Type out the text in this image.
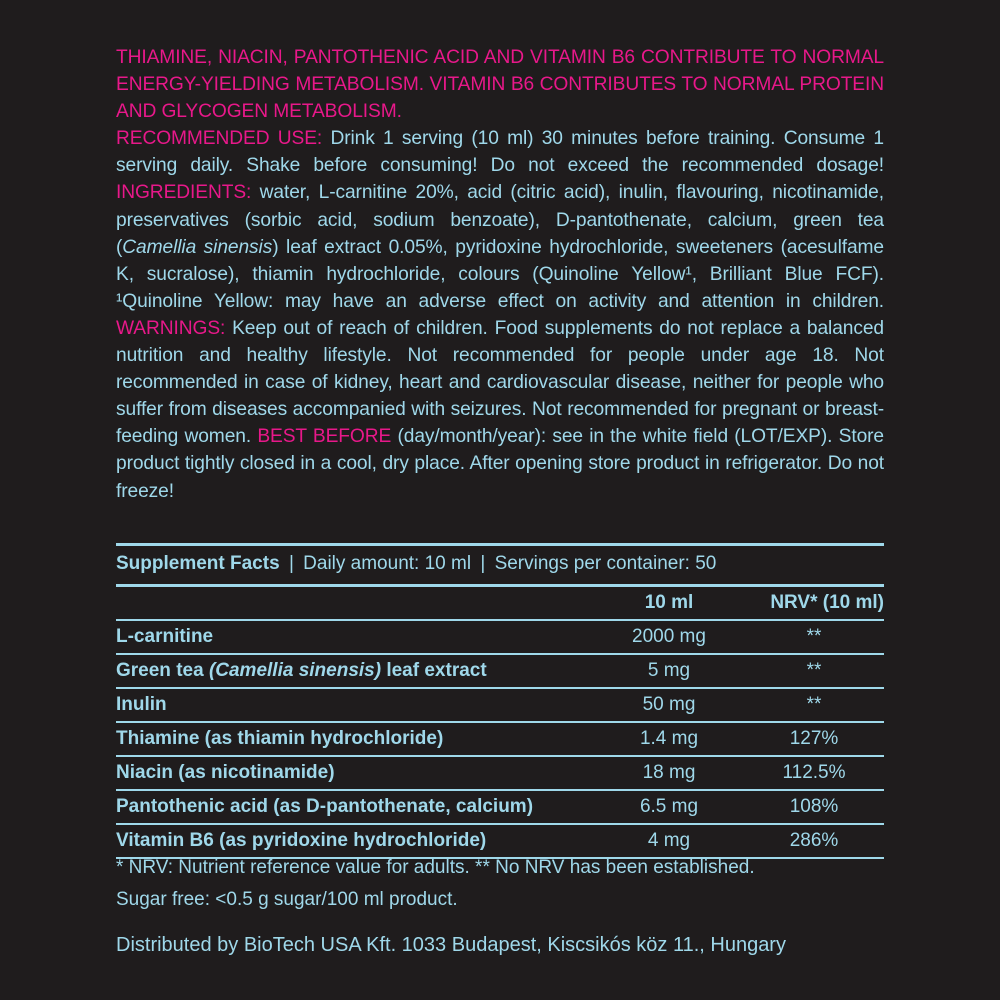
THIAMINE, NIACIN, PANTOTHENIC ACID AND VITAMIN B6 CONTRIBUTE TO NORMAL ENERGY-YIELDING METABOLISM. VITAMIN B6 CONTRIBUTES TO NORMAL PROTEIN AND GLYCOGEN METABOLISM.
RECOMMENDED USE: Drink 1 serving (10 ml) 30 minutes before training. Consume 1 serving daily. Shake before consuming! Do not exceed the recommended dosage! INGREDIENTS: water, L-carnitine 20%, acid (citric acid), inulin, flavouring, nicotinamide, preservatives (sorbic acid, sodium benzoate), D-pantothenate, calcium, green tea (Camellia sinensis) leaf extract 0.05%, pyridoxine hydrochloride, sweeteners (acesulfame K, sucralose), thiamin hydrochloride, colours (Quinoline Yellow¹, Brilliant Blue FCF). ¹Quinoline Yellow: may have an adverse effect on activity and attention in children. WARNINGS: Keep out of reach of children. Food supplements do not replace a balanced nutrition and healthy lifestyle. Not recommended for people under age 18. Not recommended in case of kidney, heart and cardiovascular disease, neither for people who suffer from diseases accompanied with seizures. Not recommended for pregnant or breast-feeding women. BEST BEFORE (day/month/year): see in the white field (LOT/EXP). Store product tightly closed in a cool, dry place. After opening store product in refrigerator. Do not freeze!
Supplement Facts | Daily amount: 10 ml | Servings per container: 50
	10 ml	NRV* (10 ml)
L-carnitine	2000 mg	**
Green tea (Camellia sinensis) leaf extract	5 mg	**
Inulin	50 mg	**
Thiamine (as thiamin hydrochloride)	1.4 mg	127%
Niacin (as nicotinamide)	18 mg	112.5%
Pantothenic acid (as D-pantothenate, calcium)	6.5 mg	108%
Vitamin B6 (as pyridoxine hydrochloride)	4 mg	286%
* NRV: Nutrient reference value for adults. ** No NRV has been established.
Sugar free: <0.5 g sugar/100 ml product.
Distributed by BioTech USA Kft. 1033 Budapest, Kiscsikós köz 11., Hungary
